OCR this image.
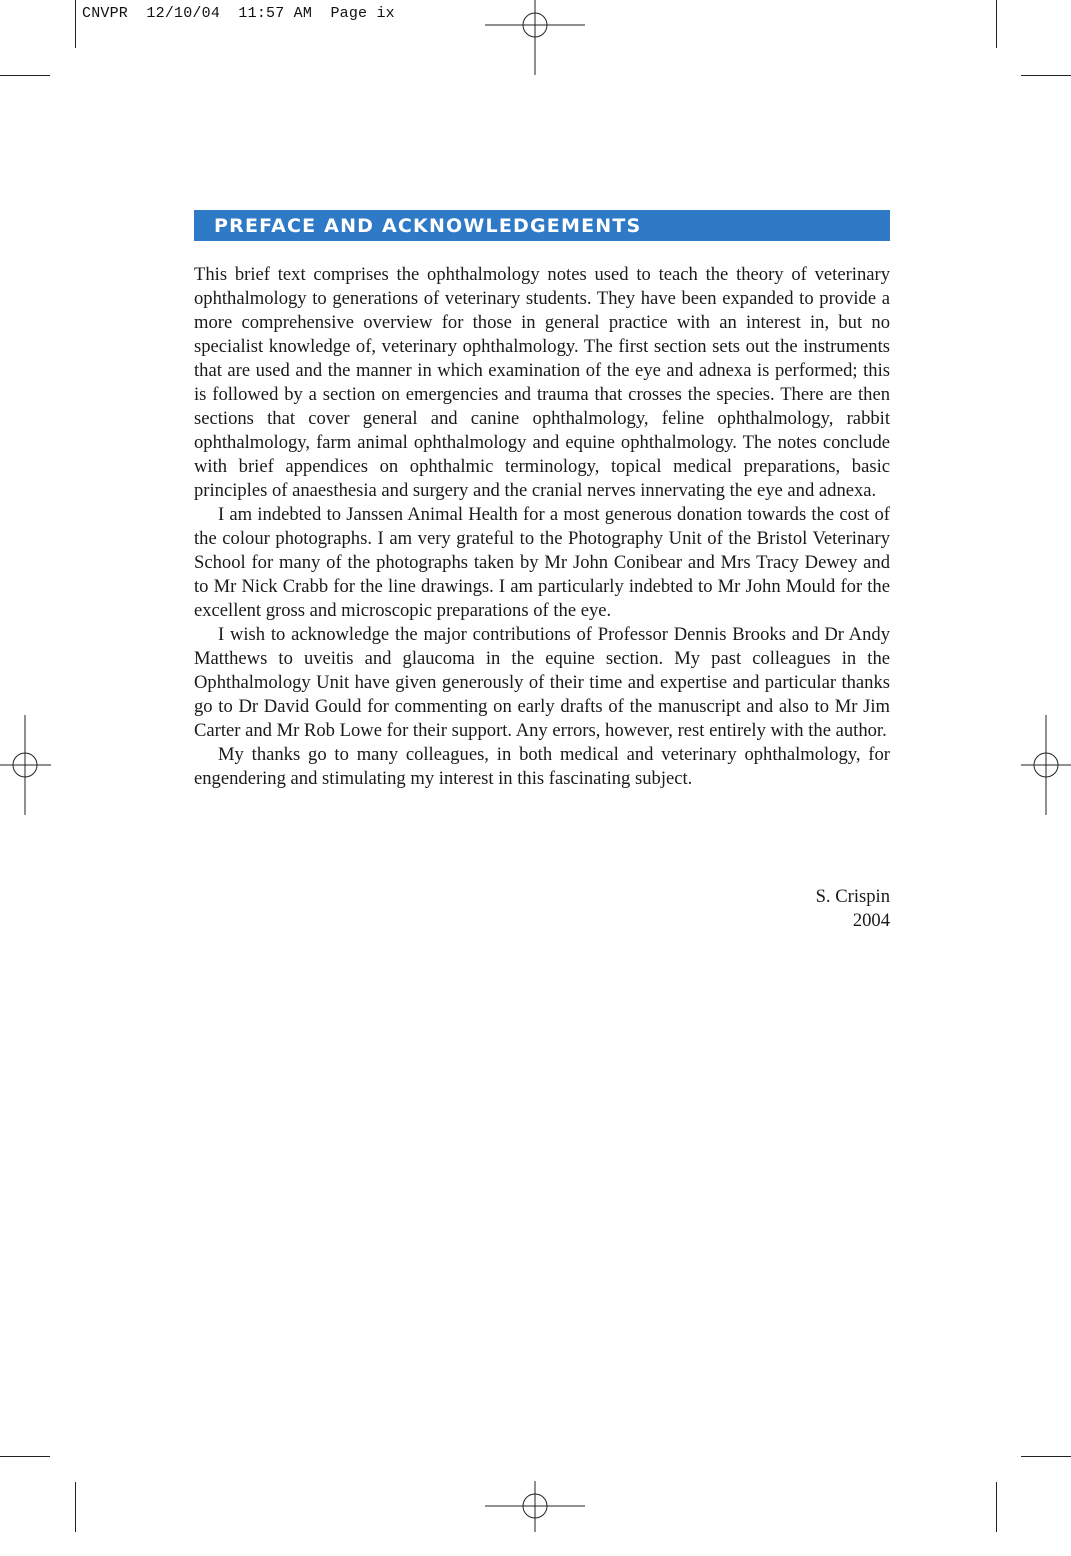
CNVPR  12/10/04  11:57 AM  Page ix
PREFACE AND ACKNOWLEDGEMENTS

This brief text comprises the ophthalmology notes used to teach the theory of veterinary ophthalmology to generations of veterinary students. They have been expanded to provide a more comprehensive overview for those in general practice with an interest in, but no specialist knowledge of, veterinary ophthalmology. The first section sets out the instruments that are used and the manner in which examination of the eye and adnexa is performed; this is followed by a section on emergencies and trauma that crosses the species. There are then sections that cover general and canine ophthalmology, feline ophthalmology, rabbit ophthalmology, farm animal ophthalmology and equine ophthalmology. The notes conclude with brief appendices on ophthalmic terminology, topical medical preparations, basic principles of anaesthesia and surgery and the cranial nerves innervating the eye and adnexa.

I am indebted to Janssen Animal Health for a most generous donation towards the cost of the colour photographs. I am very grateful to the Photography Unit of the Bristol Veterinary School for many of the photographs taken by Mr John Conibear and Mrs Tracy Dewey and to Mr Nick Crabb for the line drawings. I am particularly indebted to Mr John Mould for the excellent gross and microscopic preparations of the eye.

I wish to acknowledge the major contributions of Professor Dennis Brooks and Dr Andy Matthews to uveitis and glaucoma in the equine section. My past colleagues in the Ophthalmology Unit have given generously of their time and expertise and particular thanks go to Dr David Gould for commenting on early drafts of the manuscript and also to Mr Jim Carter and Mr Rob Lowe for their support. Any errors, however, rest entirely with the author.

My thanks go to many colleagues, in both medical and veterinary ophthalmology, for engendering and stimulating my interest in this fascinating subject.

S. Crispin
2004
